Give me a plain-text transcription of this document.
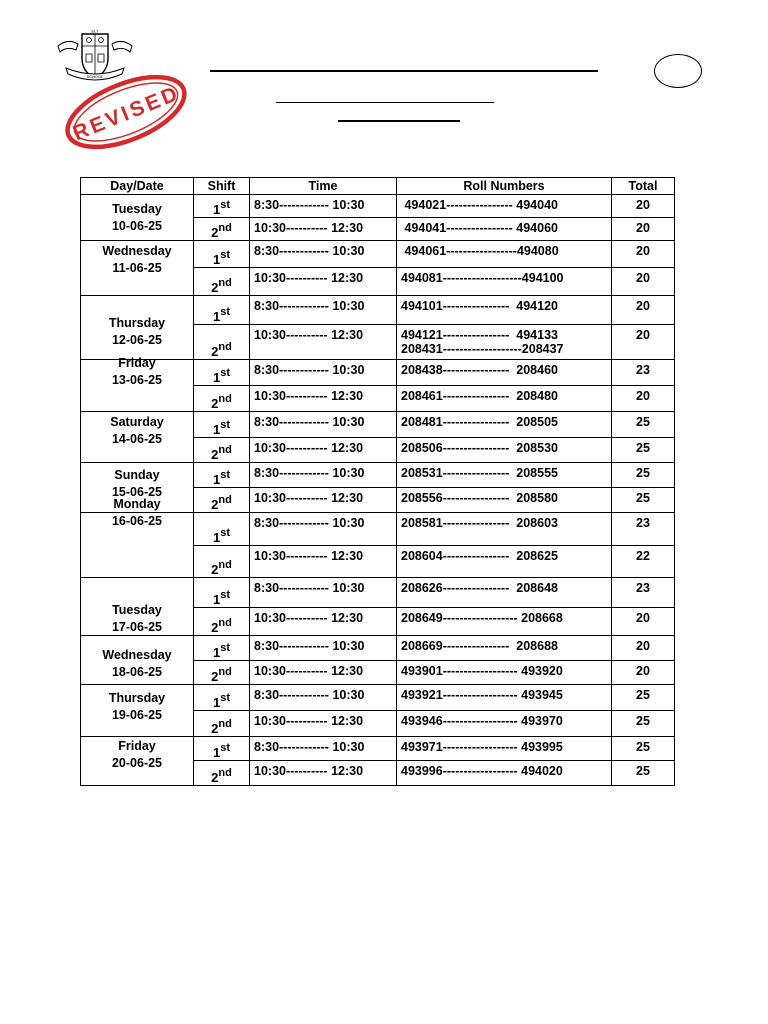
ELT
SCHOOL
REVISED
Day/Date	Shift	Time	Roll Numbers	Total

Tuesday
10-06-25	1st	8:30------------ 10:30	494021---------------- 494040	20
	2nd	10:30---------- 12:30	494041---------------- 494060	20

Wednesday
11-06-25	1st	8:30------------ 10:30	494061-----------------494080	20
	2nd	10:30---------- 12:30	494081-------------------494100	20

Thursday
12-06-25	1st	8:30------------ 10:30	494101----------------  494120	20
	2nd	10:30---------- 12:30	494121----------------  494133
208431-------------------208437	20

Friday
13-06-25	1st	8:30------------ 10:30	208438----------------  208460	23
	2nd	10:30---------- 12:30	208461----------------  208480	20

Saturday
14-06-25	1st	8:30------------ 10:30	208481----------------  208505	25
	2nd	10:30---------- 12:30	208506----------------  208530	25

Sunday
15-06-25	1st	8:30------------ 10:30	208531----------------  208555	25
	2nd	10:30---------- 12:30	208556----------------  208580	25

Monday
16-06-25	1st	8:30------------ 10:30	208581----------------  208603	23
	2nd	10:30---------- 12:30	208604----------------  208625	22

Tuesday
17-06-25	1st	8:30------------ 10:30	208626----------------  208648	23
	2nd	10:30---------- 12:30	208649------------------ 208668	20

Wednesday
18-06-25	1st	8:30------------ 10:30	208669----------------  208688	20
	2nd	10:30---------- 12:30	493901------------------ 493920	20

Thursday
19-06-25	1st	8:30------------ 10:30	493921------------------ 493945	25
	2nd	10:30---------- 12:30	493946------------------ 493970	25

Friday
20-06-25	1st	8:30------------ 10:30	493971------------------ 493995	25
	2nd	10:30---------- 12:30	493996------------------ 494020	25
